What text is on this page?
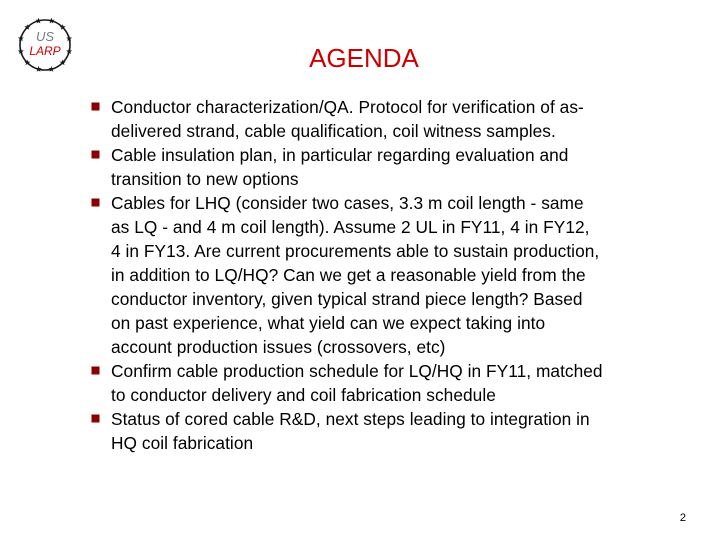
US
LARP	AGENDA
Conductor characterization/QA. Protocol for verification of as-
delivered strand, cable qualification, coil witness samples.
Cable insulation plan, in particular regarding evaluation and
transition to new options
Cables for LHQ (consider two cases, 3.3 m coil length - same
as LQ - and 4 m coil length). Assume 2 UL in FY11, 4 in FY12,
4 in FY13. Are current procurements able to sustain production,
in addition to LQ/HQ? Can we get a reasonable yield from the
conductor inventory, given typical strand piece length? Based
on past experience, what yield can we expect taking into
account production issues (crossovers, etc)
Confirm cable production schedule for LQ/HQ in FY11, matched
to conductor delivery and coil fabrication schedule
Status of cored cable R&D, next steps leading to integration in
HQ coil fabrication
2
